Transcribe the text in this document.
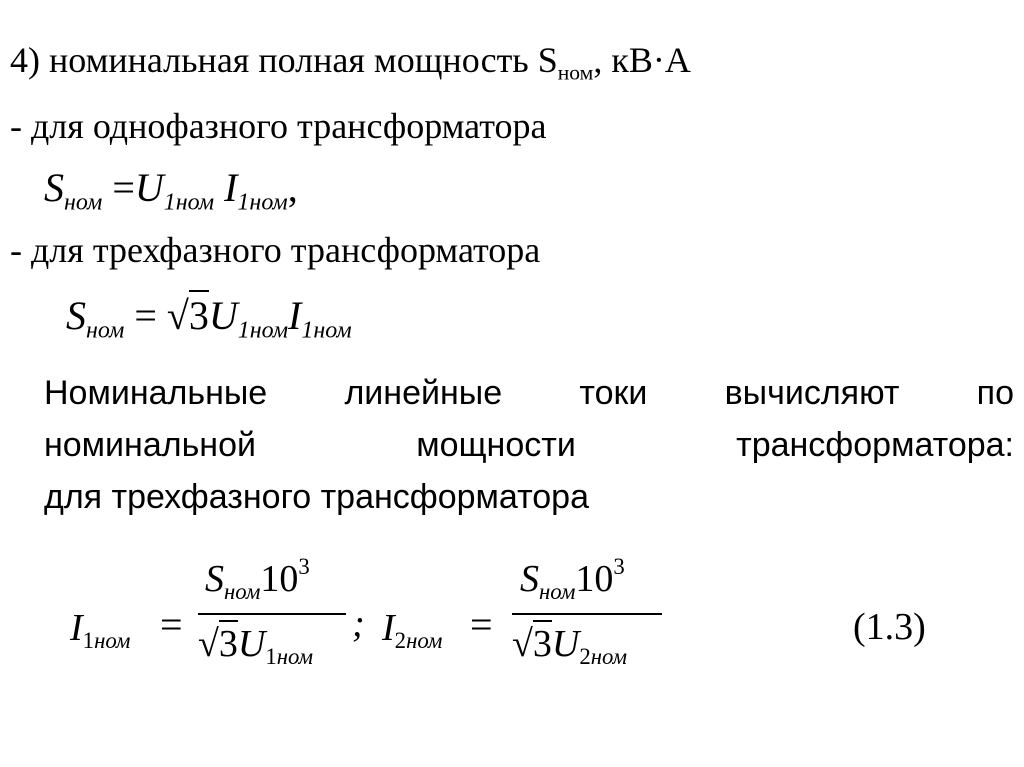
4) номинальная полная мощность $S_{ном}$, кВ·А
- для однофазного трансформатора
$S_{ном} =U_{1ном}$ $I_{1ном}$,
- для трехфазного трансформатора
$S_{ном} = √3U_{1ном}I_{1ном}$
Номинальные линейные токи вычисляют по
номинальной мощности трансформатора:
для трехфазного трансформатора
$I_{1ном}$ =
$S_{ном}10^3$
$√3U_{1ном}$
; $I_{2ном}$ =
$S_{ном}10^3$
$√3U_{2ном}$
(1.3)
